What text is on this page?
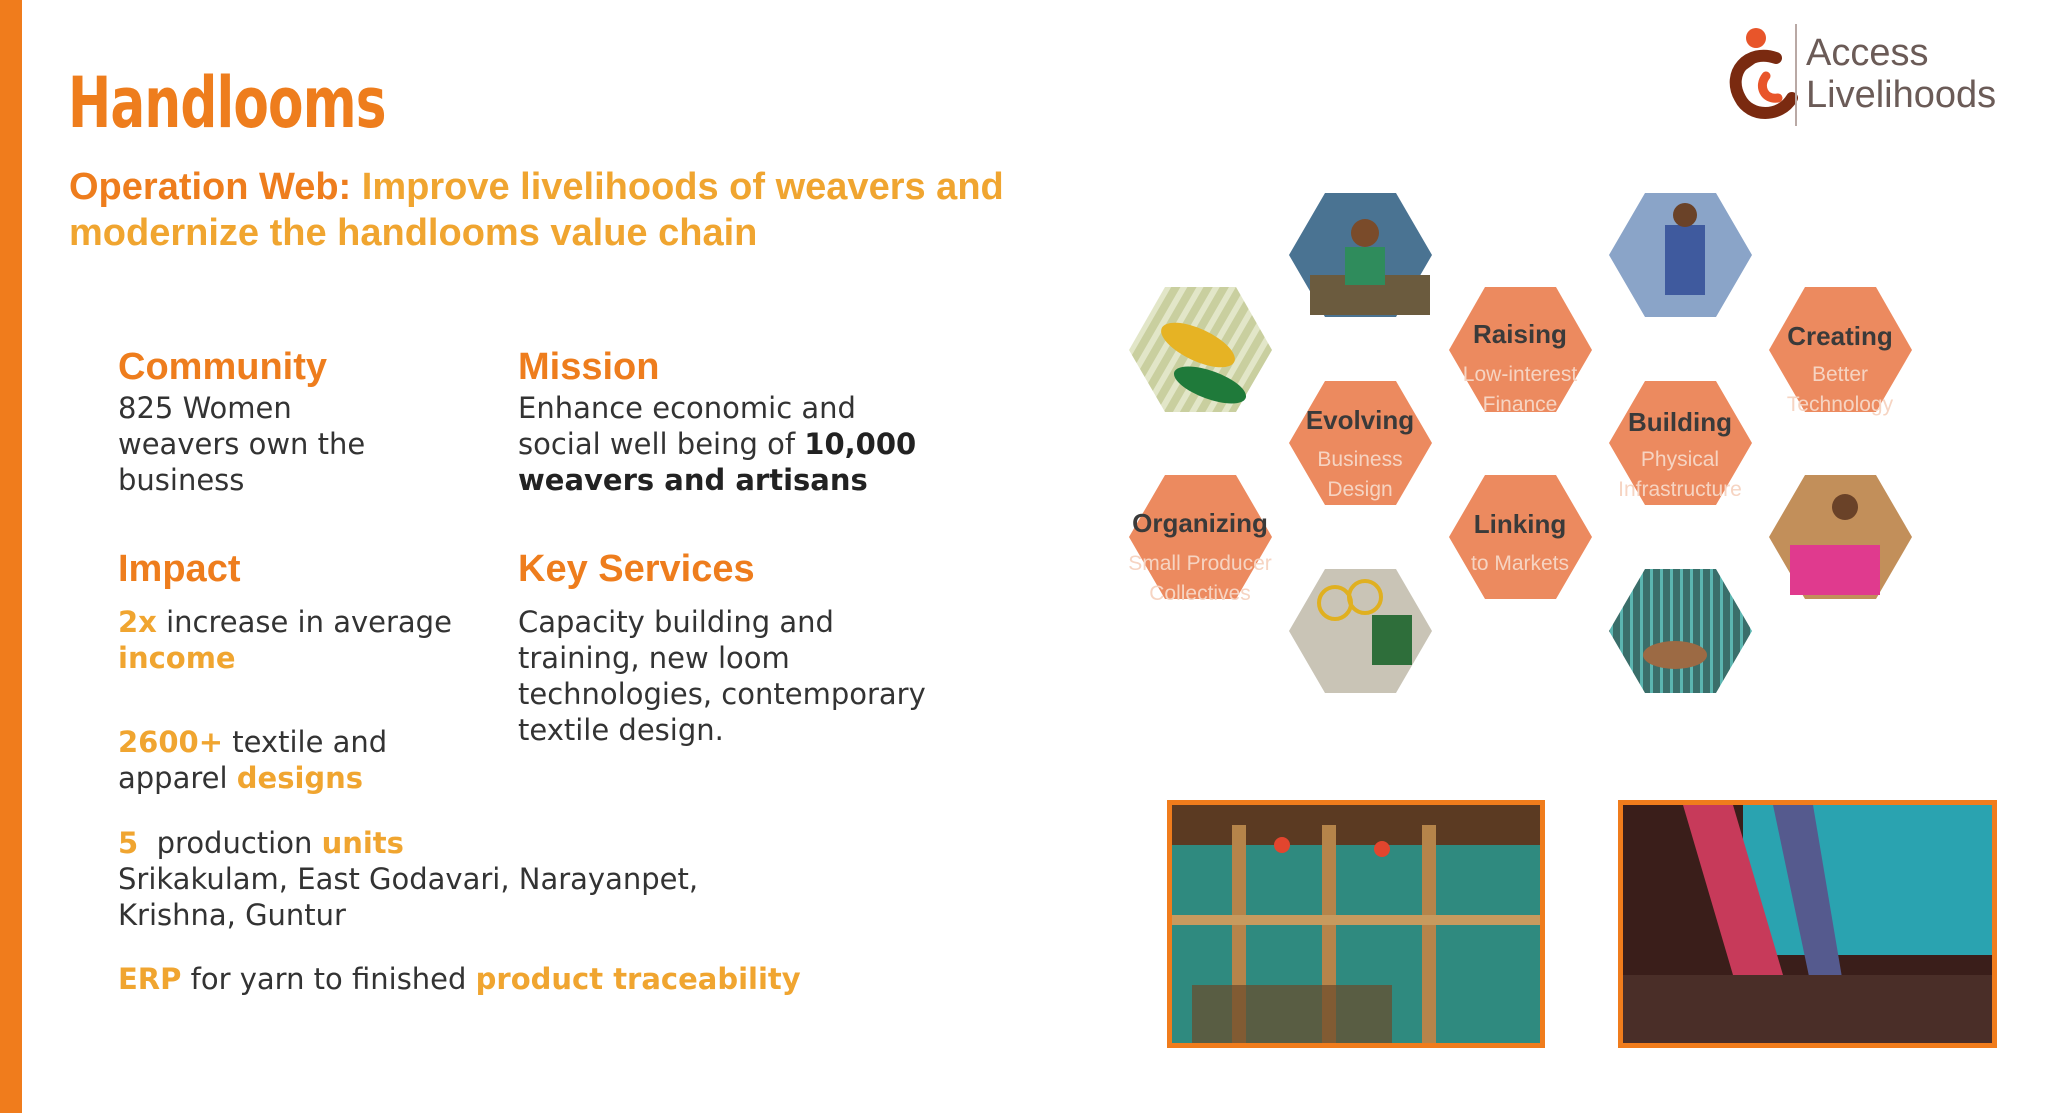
Handlooms
Operation Web: Improve livelihoods of weavers and modernize the handlooms value chain
Access
Livelihoods
Community
825 Women weavers own the business
Mission
Enhance economic and social well being of 10,000 weavers and artisans
Impact
2x increase in average income
2600+ textile and apparel designs
5 production units
Srikakulam, East Godavari, Narayanpet, Krishna, Guntur
ERP for yarn to finished product traceability
Key Services
Capacity building and training, new loom technologies, contemporary textile design.
Raising
Low-interest
Finance
Creating
Better
Technology
Evolving
Business
Design
Building
Physical
Infrastructure
Organizing
Small Producer
Collectives
Linking
to Markets
